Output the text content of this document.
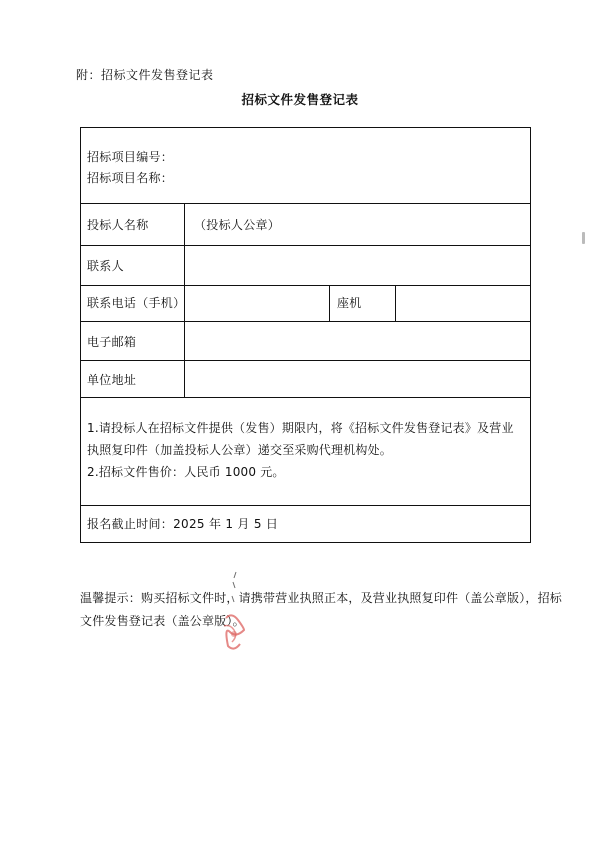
附：招标文件发售登记表
招标文件发售登记表
招标项目编号：
招标项目名称：
投标人名称	（投标人公章）
联系人
联系电话（手机）	座机
电子邮箱
单位地址
1.请投标人在招标文件提供（发售）期限内，将《招标文件发售登记表》及营业执照复印件（加盖投标人公章）递交至采购代理机构处。
2.招标文件售价：人民币 1000 元。
报名截止时间：2025 年 1 月 5 日
温馨提示：购买招标文件时，请携带营业执照正本，及营业执照复印件（盖公章版），招标文件发售登记表（盖公章版）。
